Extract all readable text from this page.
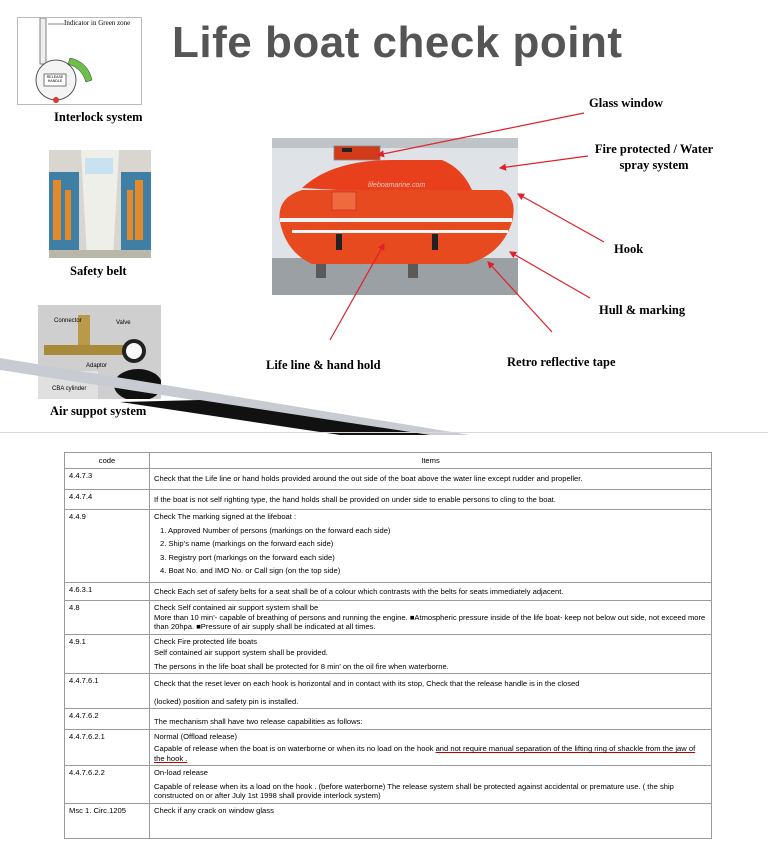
Life boat check point
Indicator in Green zone
RELEASE HANDLE
Interlock system
Safety belt
Connector	Valve
Adaptor
CBA cylinder
Air suppot system
lifeboamarine.com
Glass window
Fire protected / Water spray system
Hook
Hull & marking
Retro reflective tape
Life line & hand hold
code	Items
4.4.7.3	Check that the Life line or hand holds provided around the out side of the boat above the water line except rudder and propeller.

4.4.7.4	If the boat is not self righting type, the hand holds shall be provided on under side to enable persons to cling to the boat.

4.4.9	Check The marking signed at the lifeboat :
1. Approved Number of persons (markings on the forward each side)
2. Ship’s name (markings on the forward each side)
3. Registry port (markings on the forward each side)
4. Boat No. and IMO No. or Call sign (on the top side)

4.6.3.1	Check Each set of safety belts for a seat shall be of a colour which contrasts with the belts for seats immediately adjacent.

4.8	Check Self contained air support system shall be
More than 10 min’- capable of breathing of persons and running the engine. ■Atmospheric pressure inside of the life boat- keep not below out side, not exceed more than 20hpa. ■Pressure of air supply shall be indicated at all times.

4.9.1	Check Fire protected life boats
Self contained air support system shall be provided.
The persons in the life boat shall be protected for 8 min’ on the oil fire when waterborne.

4.4.7.6.1	Check that the reset lever on each hook is horizontal and in contact with its stop, Check that the release handle is in the closed
(locked) position and safety pin is installed.

4.4.7.6.2	The mechanism shall have two release capabilities as follows:

4.4.7.6.2.1	Normal (Offload release)
Capable of release when the boat is on waterborne or when its no load on the hook and not require manual separation of the lifting ring of shackle from the jaw of the hook .

4.4.7.6.2.2	On-load release
Capable of release when its a load on the hook . (before waterborne) The release system shall be protected against accidental or premature use. ( the ship constructed on or after July 1st 1998 shall provide interlock system)

Msc 1. Circ.1205	Check if any crack on window glass
